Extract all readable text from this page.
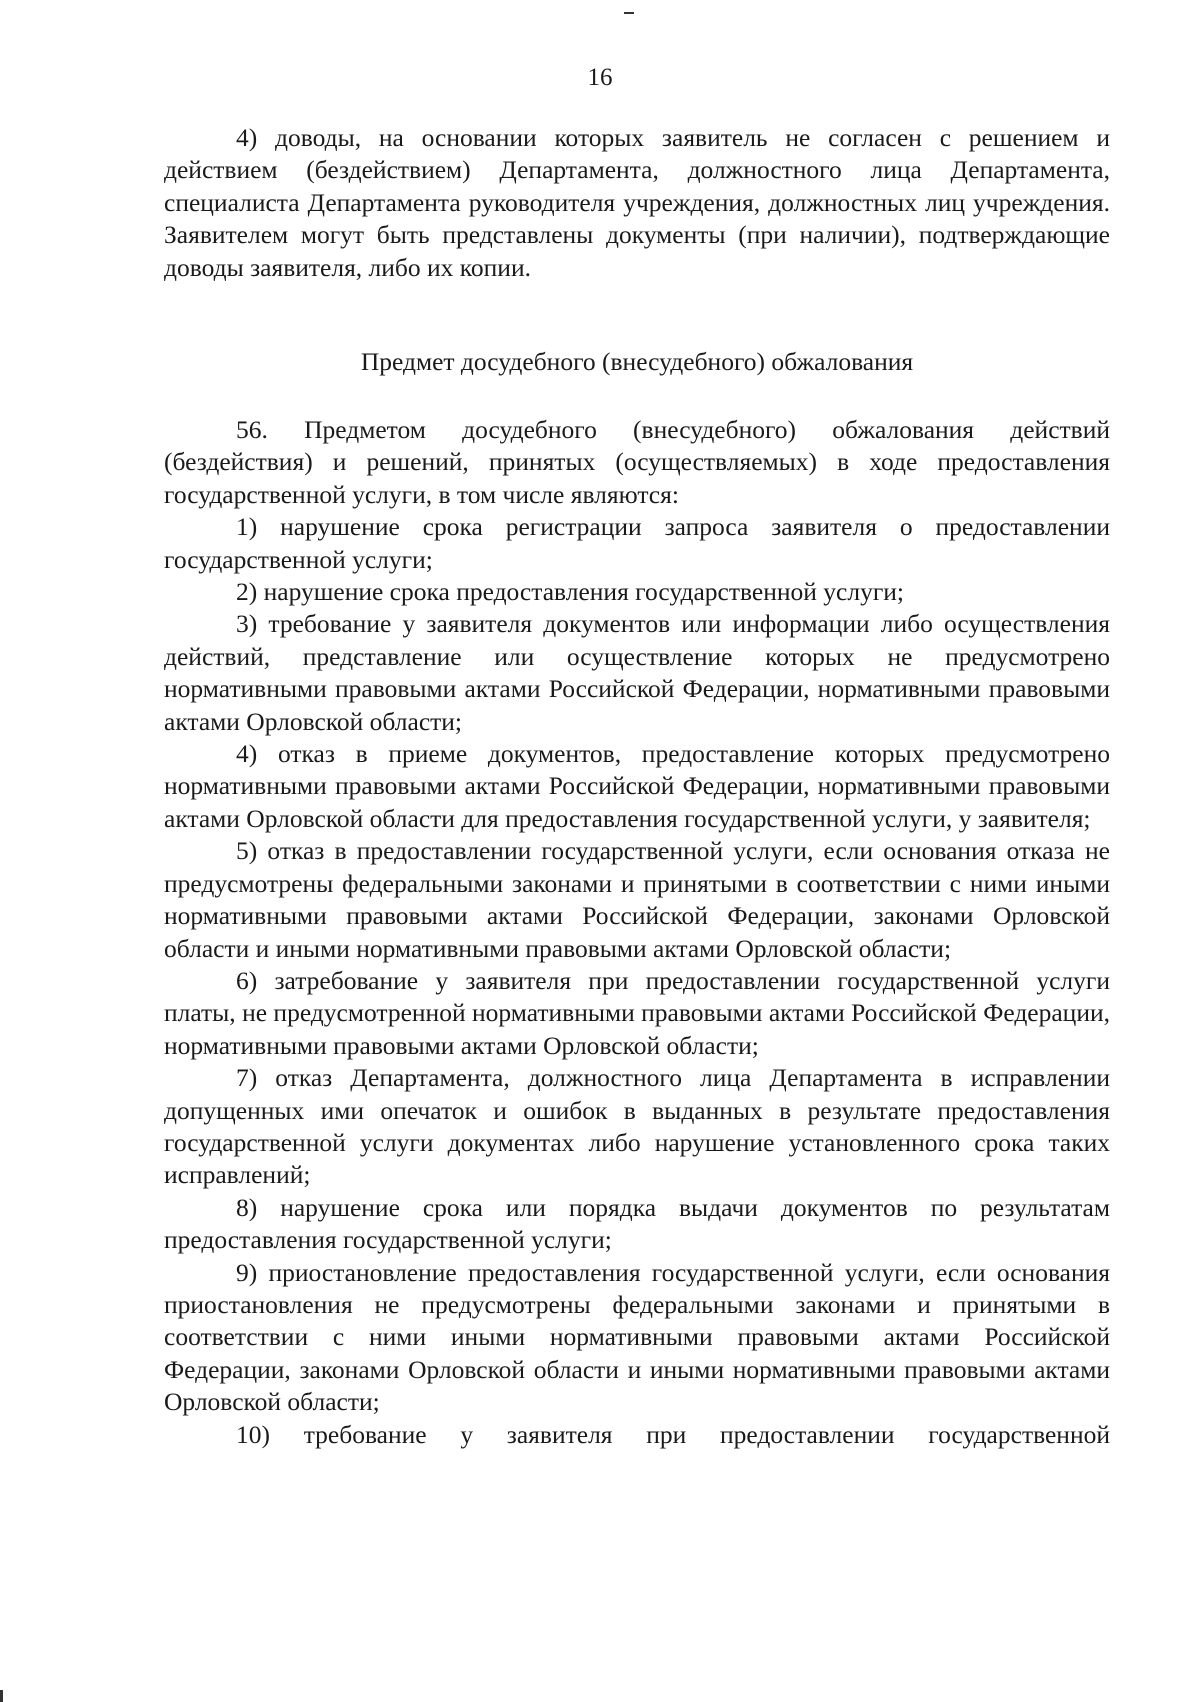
16

4) доводы, на основании которых заявитель не согласен с решением и действием (бездействием) Департамента, должностного лица Департамента, специалиста Департамента руководителя учреждения, должностных лиц учреждения. Заявителем могут быть представлены документы (при наличии), подтверждающие доводы заявителя, либо их копии.

Предмет досудебного (внесудебного) обжалования

56. Предметом досудебного (внесудебного) обжалования действий (бездействия) и решений, принятых (осуществляемых) в ходе предоставления государственной услуги, в том числе являются:

1) нарушение срока регистрации запроса заявителя о предоставлении государственной услуги;

2) нарушение срока предоставления государственной услуги;

3) требование у заявителя документов или информации либо осуществления действий, представление или осуществление которых не предусмотрено нормативными правовыми актами Российской Федерации, нормативными правовыми актами Орловской области;

4) отказ в приеме документов, предоставление которых предусмотрено нормативными правовыми актами Российской Федерации, нормативными правовыми актами Орловской области для предоставления государственной услуги, у заявителя;

5) отказ в предоставлении государственной услуги, если основания отказа не предусмотрены федеральными законами и принятыми в соответствии с ними иными нормативными правовыми актами Российской Федерации, законами Орловской области и иными нормативными правовыми актами Орловской области;

6) затребование у заявителя при предоставлении государственной услуги платы, не предусмотренной нормативными правовыми актами Российской Федерации, нормативными правовыми актами Орловской области;

7) отказ Департамента, должностного лица Департамента в исправлении допущенных ими опечаток и ошибок в выданных в результате предоставления государственной услуги документах либо нарушение установленного срока таких исправлений;

8) нарушение срока или порядка выдачи документов по результатам предоставления государственной услуги;

9) приостановление предоставления государственной услуги, если основания приостановления не предусмотрены федеральными законами и принятыми в соответствии с ними иными нормативными правовыми актами Российской Федерации, законами Орловской области и иными нормативными правовыми актами Орловской области;

10) требование у заявителя при предоставлении государственной
